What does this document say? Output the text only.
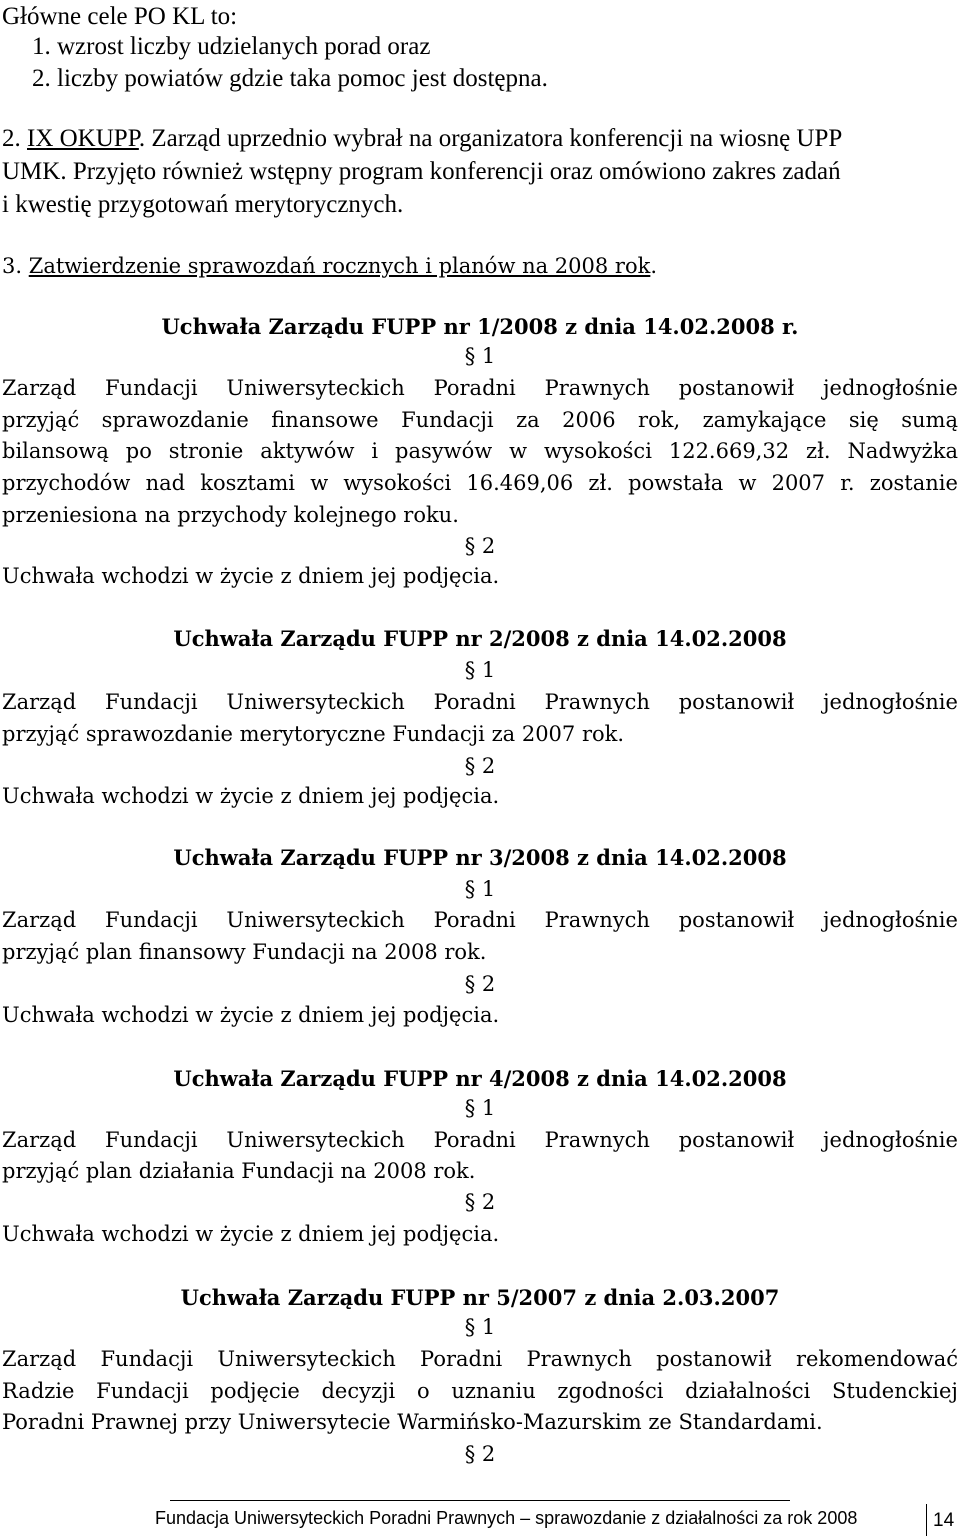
Główne cele PO KL to:
1. wzrost liczby udzielanych porad oraz
2. liczby powiatów gdzie taka pomoc jest dostępna.
2. IX OKUPP. Zarząd uprzednio wybrał na organizatora konferencji na wiosnę UPP
UMK. Przyjęto również wstępny program konferencji oraz omówiono zakres zadań
i kwestię przygotowań merytorycznych.
3. Zatwierdzenie sprawozdań rocznych i planów na 2008 rok.
Uchwała Zarządu FUPP nr 1/2008 z dnia 14.02.2008 r.
§ 1
Zarząd Fundacji Uniwersyteckich Poradni Prawnych postanowił jednogłośnie
przyjąć sprawozdanie finansowe Fundacji za 2006 rok, zamykające się sumą
bilansową po stronie aktywów i pasywów w wysokości 122.669,32 zł. Nadwyżka
przychodów nad kosztami w wysokości 16.469,06 zł. powstała w 2007 r. zostanie
przeniesiona na przychody kolejnego roku.
§ 2
Uchwała wchodzi w życie z dniem jej podjęcia.
Uchwała Zarządu FUPP nr 2/2008 z dnia 14.02.2008
§ 1
Zarząd Fundacji Uniwersyteckich Poradni Prawnych postanowił jednogłośnie
przyjąć sprawozdanie merytoryczne Fundacji za 2007 rok.
§ 2
Uchwała wchodzi w życie z dniem jej podjęcia.
Uchwała Zarządu FUPP nr 3/2008 z dnia 14.02.2008
§ 1
Zarząd Fundacji Uniwersyteckich Poradni Prawnych postanowił jednogłośnie
przyjąć plan finansowy Fundacji na 2008 rok.
§ 2
Uchwała wchodzi w życie z dniem jej podjęcia.
Uchwała Zarządu FUPP nr 4/2008 z dnia 14.02.2008
§ 1
Zarząd Fundacji Uniwersyteckich Poradni Prawnych postanowił jednogłośnie
przyjąć plan działania Fundacji na 2008 rok.
§ 2
Uchwała wchodzi w życie z dniem jej podjęcia.
Uchwała Zarządu FUPP nr 5/2007 z dnia 2.03.2007
§ 1
Zarząd Fundacji Uniwersyteckich Poradni Prawnych postanowił rekomendować
Radzie Fundacji podjęcie decyzji o uznaniu zgodności działalności Studenckiej
Poradni Prawnej przy Uniwersytecie Warmińsko-Mazurskim ze Standardami.
§ 2
Fundacja Uniwersyteckich Poradni Prawnych – sprawozdanie z działalności za rok 2008	14
